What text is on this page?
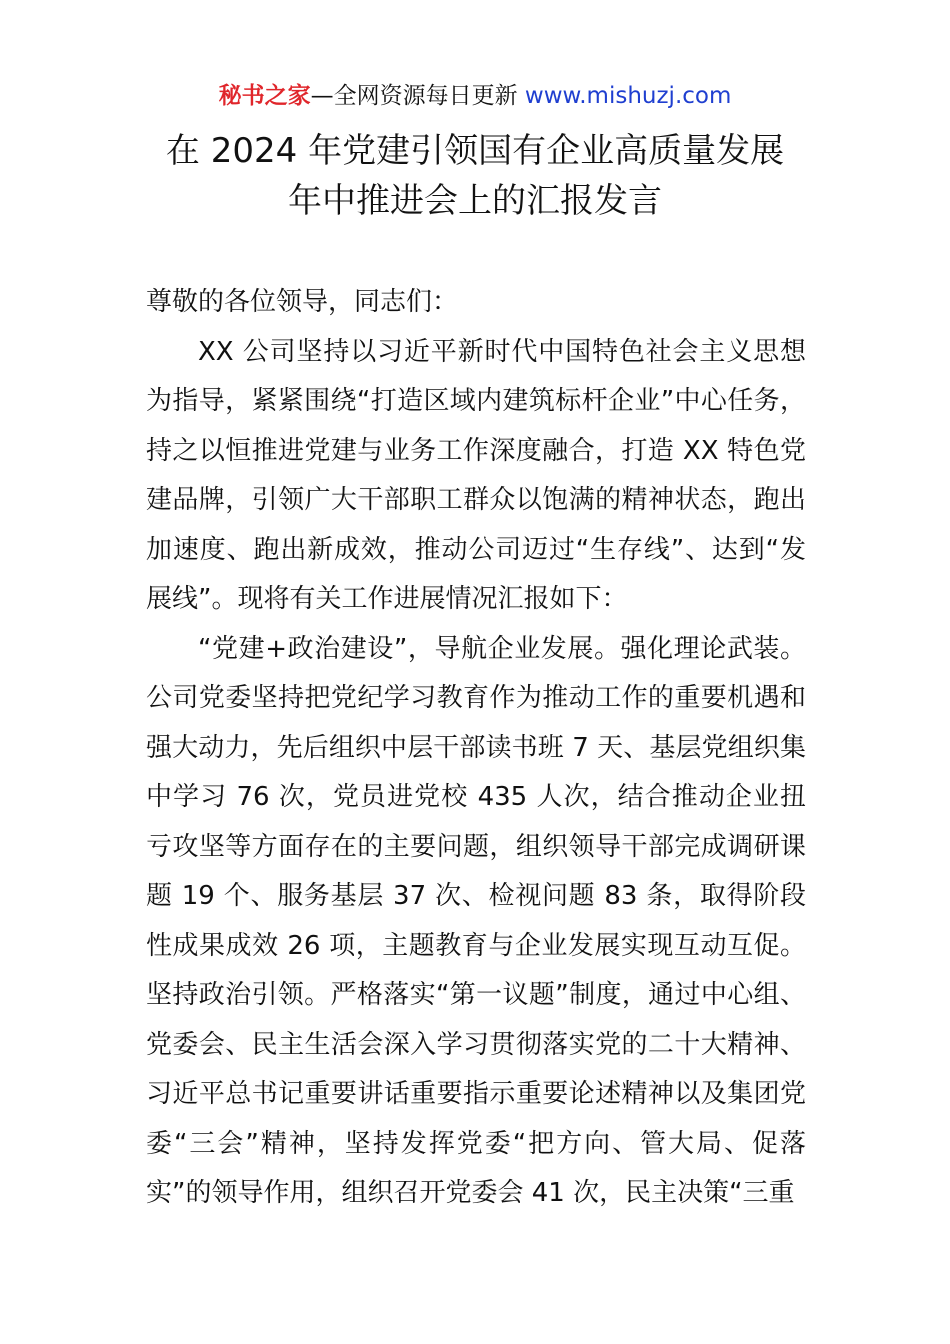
秘书之家—全网资源每日更新 www.mishuzj.com
在 2024 年党建引领国有企业高质量发展
年中推进会上的汇报发言

尊敬的各位领导，同志们：

XX 公司坚持以习近平新时代中国特色社会主义思想为指导，紧紧围绕“打造区域内建筑标杆企业”中心任务，持之以恒推进党建与业务工作深度融合，打造 XX 特色党建品牌，引领广大干部职工群众以饱满的精神状态，跑出加速度、跑出新成效，推动公司迈过“生存线”、达到“发展线”。现将有关工作进展情况汇报如下：

“党建+政治建设”，导航企业发展。强化理论武装。公司党委坚持把党纪学习教育作为推动工作的重要机遇和强大动力，先后组织中层干部读书班 7 天、基层党组织集中学习 76 次，党员进党校 435 人次，结合推动企业扭亏攻坚等方面存在的主要问题，组织领导干部完成调研课题 19 个、服务基层 37 次、检视问题 83 条，取得阶段性成果成效 26 项，主题教育与企业发展实现互动互促。坚持政治引领。严格落实“第一议题”制度，通过中心组、党委会、民主生活会深入学习贯彻落实党的二十大精神、习近平总书记重要讲话重要指示重要论述精神以及集团党委“三会”精神，坚持发挥党委“把方向、管大局、促落实”的领导作用，组织召开党委会 41 次，民主决策“三重
